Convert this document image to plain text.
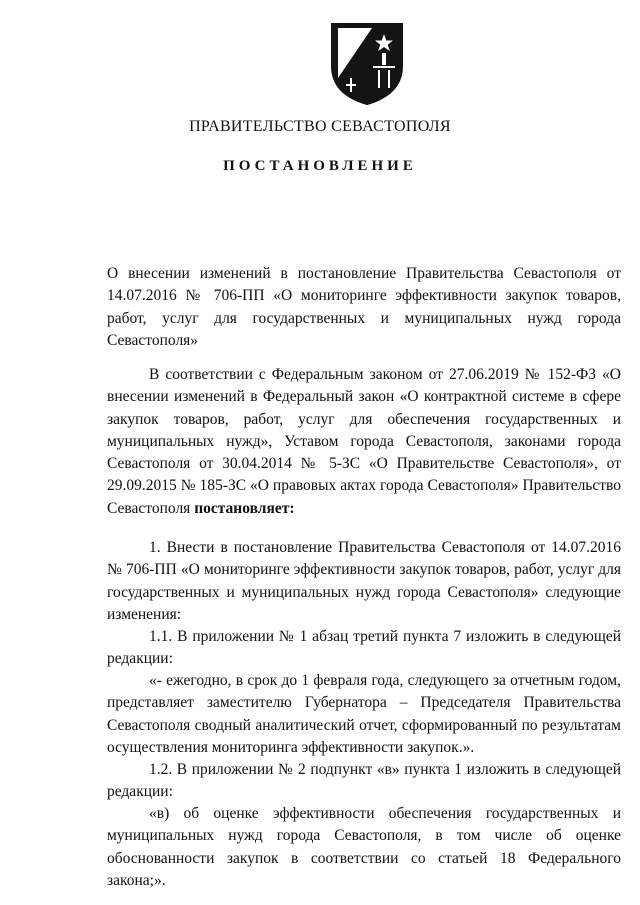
ПРАВИТЕЛЬСТВО СЕВАСТОПОЛЯ
ПОСТАНОВЛЕНИЕ

О внесении изменений в постановление Правительства Севастополя от 14.07.2016 № 706-ПП «О мониторинге эффективности закупок товаров, работ, услуг для государственных и муниципальных нужд города Севастополя»

В соответствии с Федеральным законом от 27.06.2019 № 152-ФЗ «О внесении изменений в Федеральный закон «О контрактной системе в сфере закупок товаров, работ, услуг для обеспечения государственных и муниципальных нужд», Уставом города Севастополя, законами города Севастополя от 30.04.2014 № 5-ЗС «О Правительстве Севастополя», от 29.09.2015 № 185-ЗС «О правовых актах города Севастополя» Правительство Севастополя постановляет:

1. Внести в постановление Правительства Севастополя от 14.07.2016 № 706-ПП «О мониторинге эффективности закупок товаров, работ, услуг для государственных и муниципальных нужд города Севастополя» следующие изменения:

1.1. В приложении № 1 абзац третий пункта 7 изложить в следующей редакции:

«- ежегодно, в срок до 1 февраля года, следующего за отчетным годом, представляет заместителю Губернатора – Председателя Правительства Севастополя сводный аналитический отчет, сформированный по результатам осуществления мониторинга эффективности закупок.».

1.2. В приложении № 2 подпункт «в» пункта 1 изложить в следующей редакции:

«в) об оценке эффективности обеспечения государственных и муниципальных нужд города Севастополя, в том числе об оценке обоснованности закупок в соответствии со статьей 18 Федерального закона;».
